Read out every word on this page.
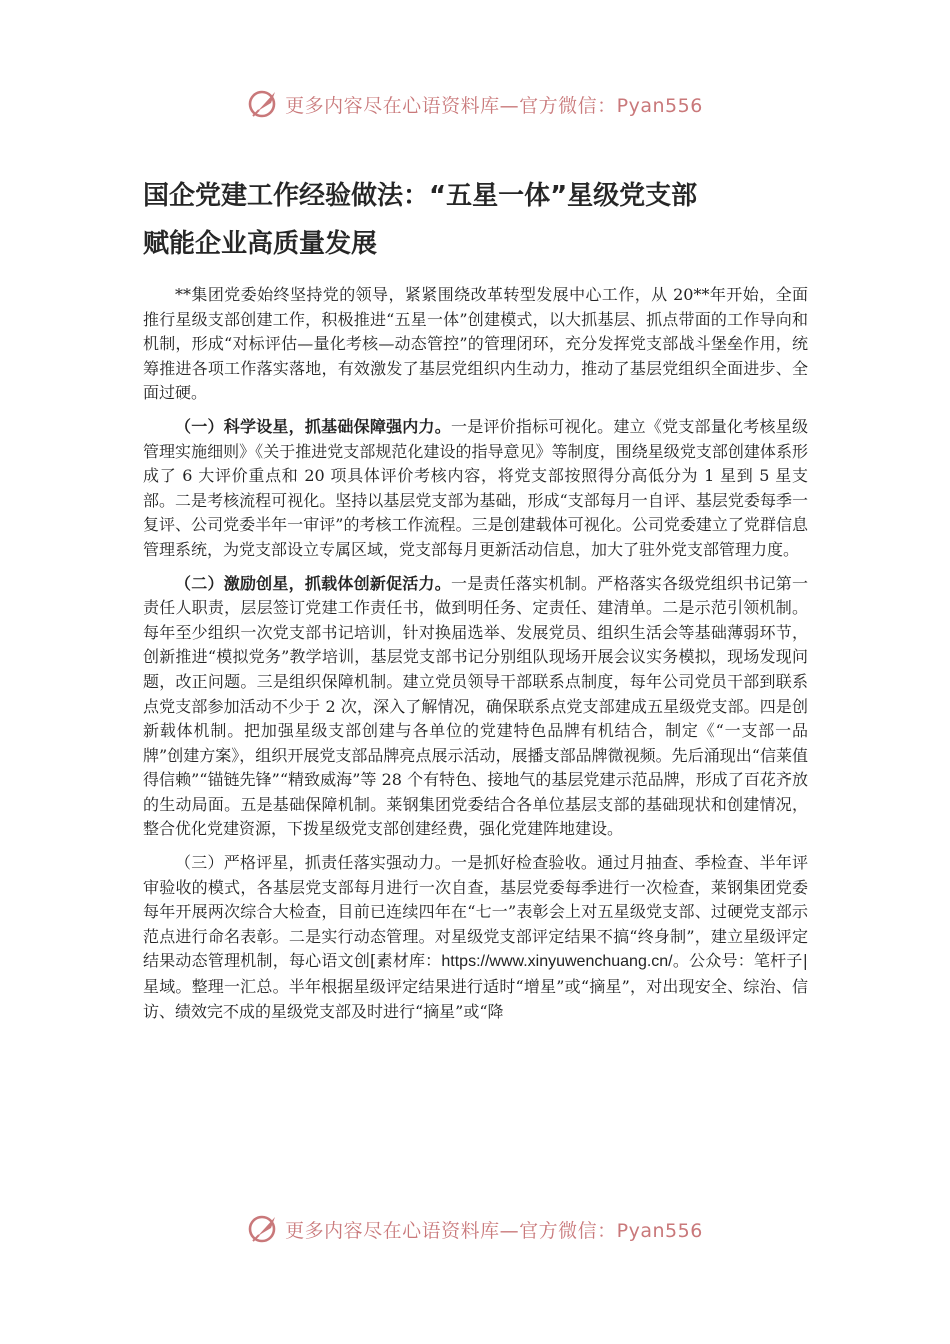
更多内容尽在心语资料库—官方微信：Pyan556
国企党建工作经验做法：“五星一体”星级党支部
赋能企业高质量发展

**集团党委始终坚持党的领导，紧紧围绕改革转型发展中心工作，从 20**年开始，全面推行星级支部创建工作，积极推进“五星一体”创建模式，以大抓基层、抓点带面的工作导向和机制，形成“对标评估—量化考核—动态管控”的管理闭环，充分发挥党支部战斗堡垒作用，统筹推进各项工作落实落地，有效激发了基层党组织内生动力，推动了基层党组织全面进步、全面过硬。

（一）科学设星，抓基础保障强内力。一是评价指标可视化。建立《党支部量化考核星级管理实施细则》《关于推进党支部规范化建设的指导意见》等制度，围绕星级党支部创建体系形成了 6 大评价重点和 20 项具体评价考核内容，将党支部按照得分高低分为 1 星到 5 星支部。二是考核流程可视化。坚持以基层党支部为基础，形成“支部每月一自评、基层党委每季一复评、公司党委半年一审评”的考核工作流程。三是创建载体可视化。公司党委建立了党群信息管理系统，为党支部设立专属区域，党支部每月更新活动信息，加大了驻外党支部管理力度。

（二）激励创星，抓载体创新促活力。一是责任落实机制。严格落实各级党组织书记第一责任人职责，层层签订党建工作责任书，做到明任务、定责任、建清单。二是示范引领机制。每年至少组织一次党支部书记培训，针对换届选举、发展党员、组织生活会等基础薄弱环节，创新推进“模拟党务”教学培训，基层党支部书记分别组队现场开展会议实务模拟，现场发现问题，改正问题。三是组织保障机制。建立党员领导干部联系点制度，每年公司党员干部到联系点党支部参加活动不少于 2 次，深入了解情况，确保联系点党支部建成五星级党支部。四是创新载体机制。把加强星级支部创建与各单位的党建特色品牌有机结合，制定《“一支部一品牌”创建方案》，组织开展党支部品牌亮点展示活动，展播支部品牌微视频。先后涌现出“信莱值得信赖”“锚链先锋”“精致威海”等 28 个有特色、接地气的基层党建示范品牌，形成了百花齐放的生动局面。五是基础保障机制。莱钢集团党委结合各单位基层支部的基础现状和创建情况，整合优化党建资源，下拨星级党支部创建经费，强化党建阵地建设。

（三）严格评星，抓责任落实强动力。一是抓好检查验收。通过月抽查、季检查、半年评审验收的模式，各基层党支部每月进行一次自查，基层党委每季进行一次检查，莱钢集团党委每年开展两次综合大检查，目前已连续四年在“七一”表彰会上对五星级党支部、过硬党支部示范点进行命名表彰。二是实行动态管理。对星级党支部评定结果不搞“终身制”，建立星级评定结果动态管理机制，每心语文创[素材库：https://www.xinyuwenchuang.cn/。公众号：笔杆子|星域。整理一汇总。半年根据星级评定结果进行适时“增星”或“摘星”，对出现安全、综治、信访、绩效完不成的星级党支部及时进行“摘星”或“降

更多内容尽在心语资料库—官方微信：Pyan556
